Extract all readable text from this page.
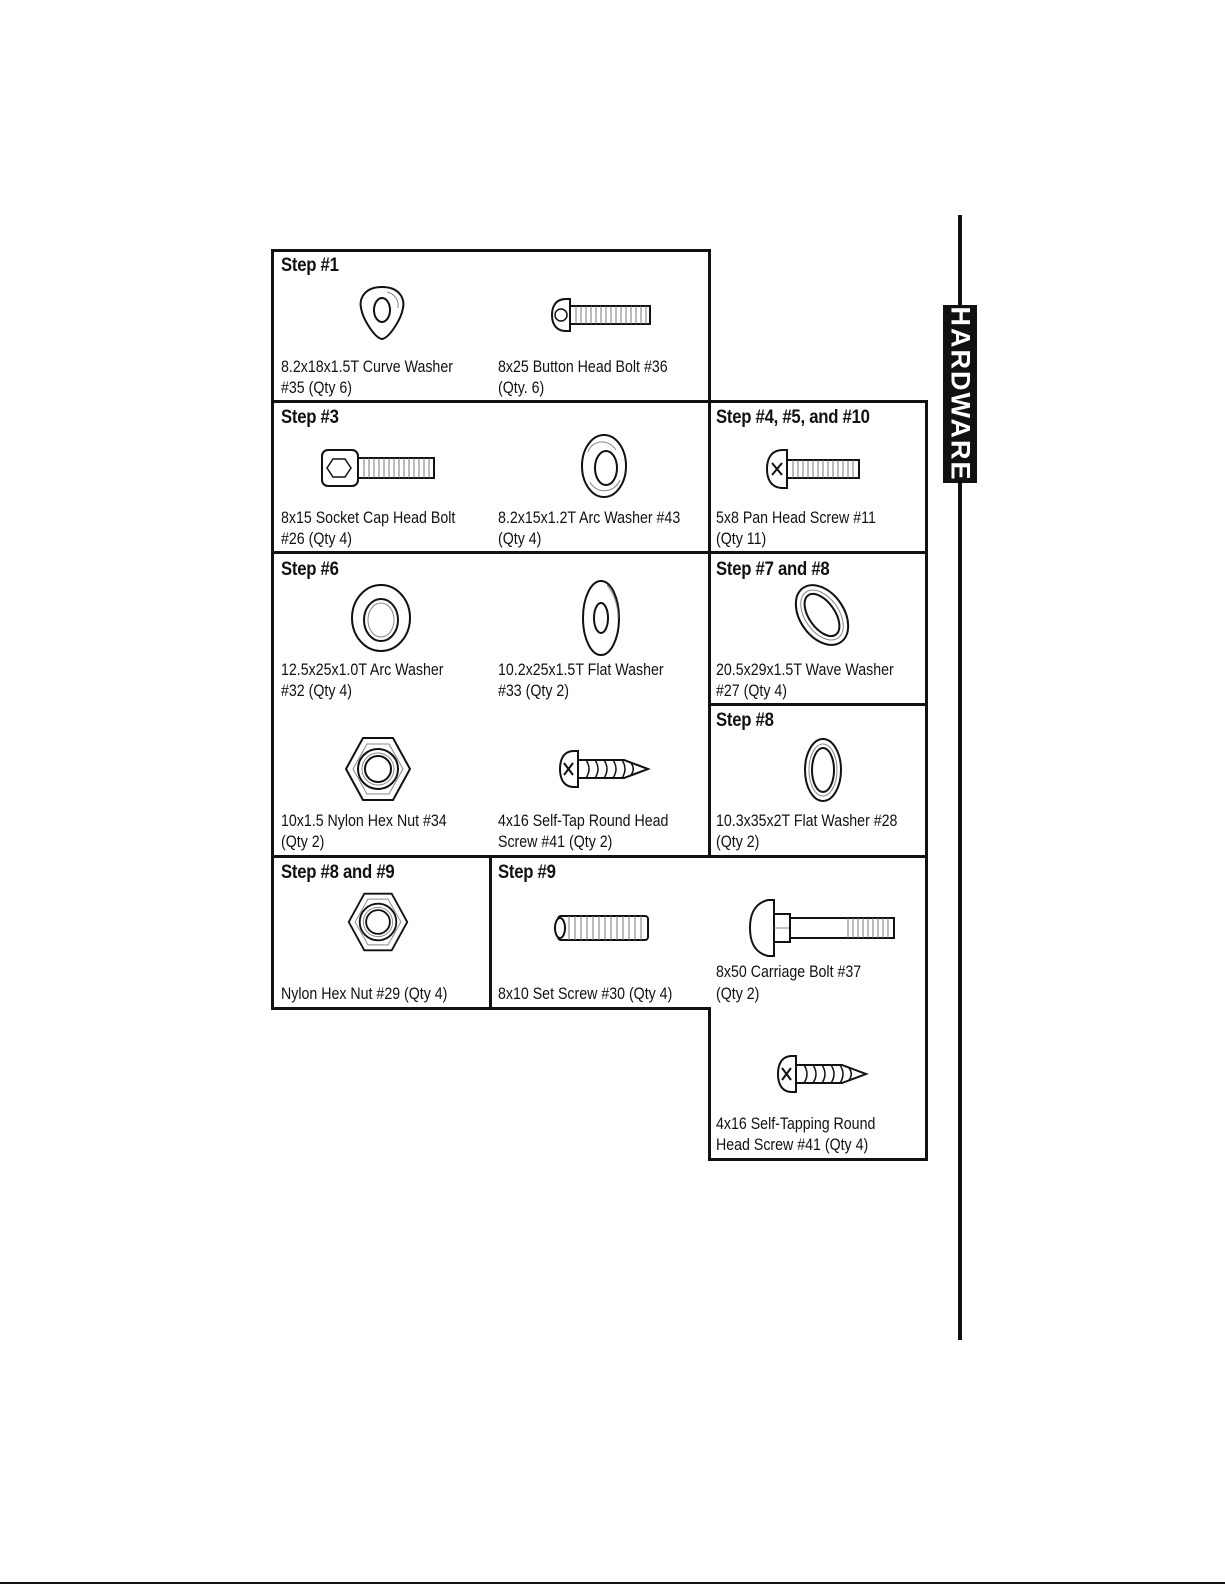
HARDWARE
Step #1
8.2x18x1.5T Curve Washer
#35 (Qty 6)
8x25 Button Head Bolt #36
(Qty. 6)
Step #3
8x15 Socket Cap Head Bolt
#26 (Qty 4)
8.2x15x1.2T Arc Washer #43
(Qty 4)
Step #4, #5, and #10
5x8 Pan Head Screw #11
(Qty 11)
Step #6
12.5x25x1.0T Arc Washer
#32 (Qty 4)
10.2x25x1.5T Flat Washer
#33 (Qty 2)
10x1.5 Nylon Hex Nut #34
(Qty 2)
4x16 Self-Tap Round Head
Screw #41 (Qty 2)
Step #7 and #8
20.5x29x1.5T Wave Washer
#27 (Qty 4)
Step #8
10.3x35x2T Flat Washer #28
(Qty 2)
Step #8 and #9
Nylon Hex Nut #29 (Qty 4)
Step #9
8x10 Set Screw #30 (Qty 4)
8x50 Carriage Bolt #37
(Qty 2)
4x16 Self-Tapping Round
Head Screw #41 (Qty 4)
